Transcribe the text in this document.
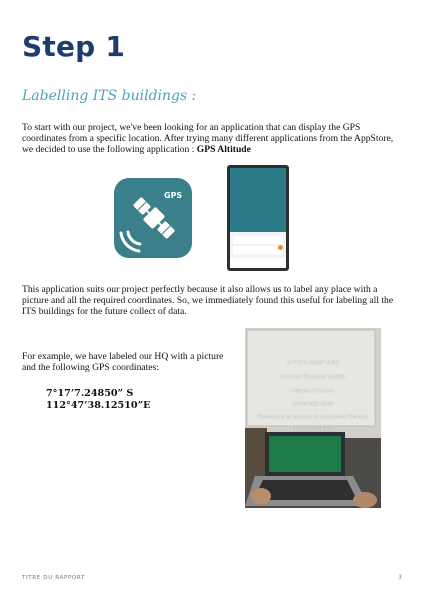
Step 1
Labelling ITS buildings :

To start with our project, we've been looking for an application that can display the GPS coordinates from a specific location. After trying many different applications from the AppStore, we decided to use the following application : GPS Altitude

GPS

This application suits our project perfectly because it also allows us to label any place with a picture and all the required coordinates. So, we immediately found this useful for labeling all the ITS buildings for the future collect of data.

For example, we have labeled our HQ with a picture and the following GPS coordinates:

7°17’7.24850” S
112°47’38.12510”E
S 7°17'7.24850" (LAT)
E 112°47'38.12510" (LONG)
Altitude: 5 m a.s.l.
13/06/2022 12:59
Fournisseur de services de localisation Fusionne
Jalan Teknik Mesin
TITRE DU RAPPORT	3
